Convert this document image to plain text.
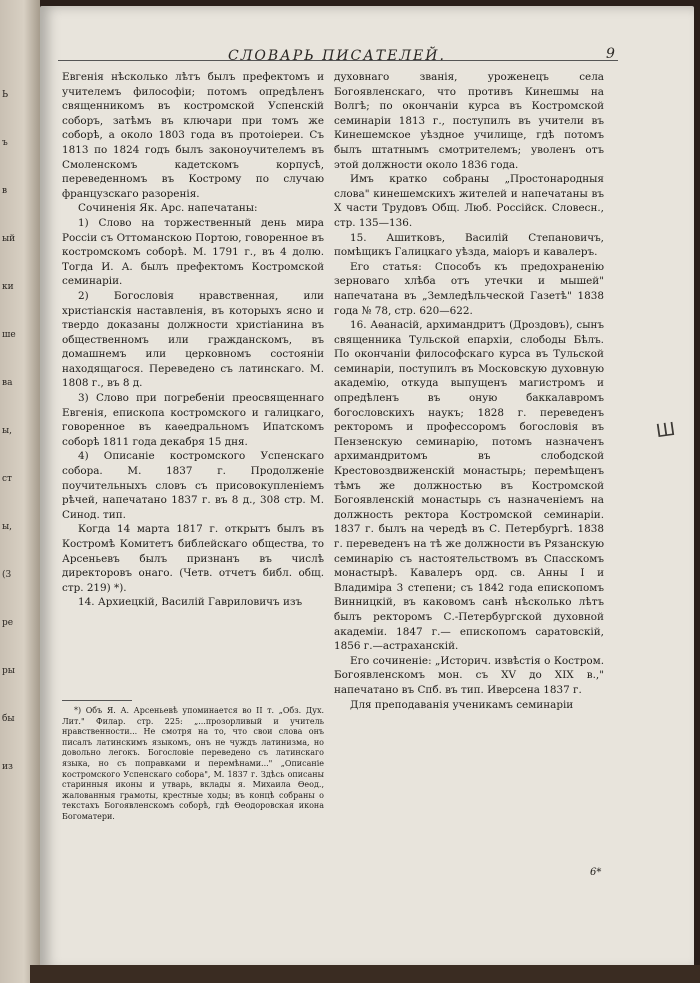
Ь
ъ
в
ый
ки
ше
ва
ы,
ст
ы,
(3
ре
ры
бы
из
СЛОВАРЬ ПИСАТЕЛЕЙ.	9

Евгенія нѣсколько лѣтъ былъ префектомъ и учителемъ философіи; потомъ опредѣленъ священникомъ въ костромской Успенскій соборъ, затѣмъ въ ключари при томъ же соборѣ, а около 1803 года въ протоіереи. Съ 1813 по 1824 годъ былъ законоучителемъ въ Смоленскомъ кадетскомъ корпусѣ, переведенномъ въ Кострому по случаю французскаго разоренія.

Сочиненія Як. Арс. напечатаны:

1) Слово на торжественный день мира Россіи съ Оттоманскою Портою, говоренное въ костромскомъ соборѣ. М. 1791 г., въ 4 долю. Тогда И. А. былъ префектомъ Костромской семинаріи.

2) Богословія нравственная, или христіанскія наставленія, въ которыхъ ясно и твердо доказаны должности христіанина въ общественномъ или гражданскомъ, въ домашнемъ или церковномъ состояніи находящагося. Переведено съ латинскаго. М. 1808 г., въ 8 д.

3) Слово при погребеніи преосвященнаго Евгенія, епископа костромского и галицкаго, говоренное въ каѳедральномъ Ипатскомъ соборѣ 1811 года декабря 15 дня.

4) Описаніе костромского Успенскаго собора. М. 1837 г. Продолженіе поучительныхъ словъ съ присовокупленіемъ рѣчей, напечатано 1837 г. въ 8 д., 308 стр. М. Синод. тип.

Когда 14 марта 1817 г. открытъ былъ въ Костромѣ Комитетъ библейскаго общества, то Арсеньевъ былъ признанъ въ числѣ директоровъ онаго. (Четв. отчетъ библ. общ. стр. 219) *).

14. Архиецкій, Василій Гавриловичъ изъ

духовнаго званія, уроженецъ села Богоявленскаго, что противъ Кинешмы на Волгѣ; по окончаніи курса въ Костромской семинаріи 1813 г., поступилъ въ учители въ Кинешемское уѣздное училище, гдѣ потомъ былъ штатнымъ смотрителемъ; уволенъ отъ этой должности около 1836 года.

Имъ кратко собраны „Простонародныя слова" кинешемскихъ жителей и напечатаны въ X части Трудовъ Общ. Люб. Россійск. Словесн., стр. 135—136.

15. Ашитковъ, Василій Степановичъ, помѣщикъ Галицкаго уѣзда, маіоръ и кавалеръ.

Его статья: Способъ къ предохраненію зерноваго хлѣба отъ утечки и мышей" напечатана въ „Земледѣльческой Газетѣ" 1838 года № 78, стр. 620—622.

16. Аѳанасій, архимандритъ (Дроздовъ), сынъ священника Тульской епархіи, слободы Бѣлъ. По окончаніи философскаго курса въ Тульской семинаріи, поступилъ въ Московскую духовную академію, откуда выпущенъ магистромъ и опредѣленъ въ оную баккалавромъ богословскихъ наукъ; 1828 г. переведенъ ректоромъ и профессоромъ богословія въ Пензенскую семинарію, потомъ назначенъ архимандритомъ въ слободской Крестовоздвиженскій монастырь; перемѣщенъ тѣмъ же должностью въ Костромской Богоявленскій монастырь съ назначеніемъ на должность ректора Костромской семинаріи. 1837 г. былъ на чередѣ въ С. Петербургѣ. 1838 г. переведенъ на тѣ же должности въ Рязанскую семинарію съ настоятельствомъ въ Спасскомъ монастырѣ. Кавалеръ орд. св. Анны I и Владиміра 3 степени; съ 1842 года епископомъ Винницкій, въ каковомъ санѣ нѣсколько лѣтъ былъ ректоромъ С.-Петербургской духовной академіи. 1847 г.— епископомъ саратовскій, 1856 г.—астраханскій.

Его сочиненіе: „Историч. извѣстія о Костром. Богоявленскомъ мон. съ XV до XIX в.," напечатано въ Спб. въ тип. Иверсена 1837 г.

Для преподаванія ученикамъ семинаріи

*) Объ Я. А. Арсеньевѣ упоминается во II т. „Обз. Дух. Лит." Филар. стр. 225: „...прозорливый и учитель нравственности... Не смотря на то, что свои слова онъ писалъ латинскимъ языкомъ, онъ не чуждъ латинизма, но довольно легокъ. Богословіе переведено съ латинскаго языка, но съ поправками и перемѣнами..." „Описаніе костромского Успенскаго собора", М. 1837 г. Здѣсь описаны старинныя иконы и утварь, вклады я. Михаила Ѳеод., жалованныя грамоты, крестные ходы; въ концѣ собраны о текстахъ Богоявленскомъ соборѣ, гдѣ Ѳеодоровская икона Богоматери.

6*
Ш
